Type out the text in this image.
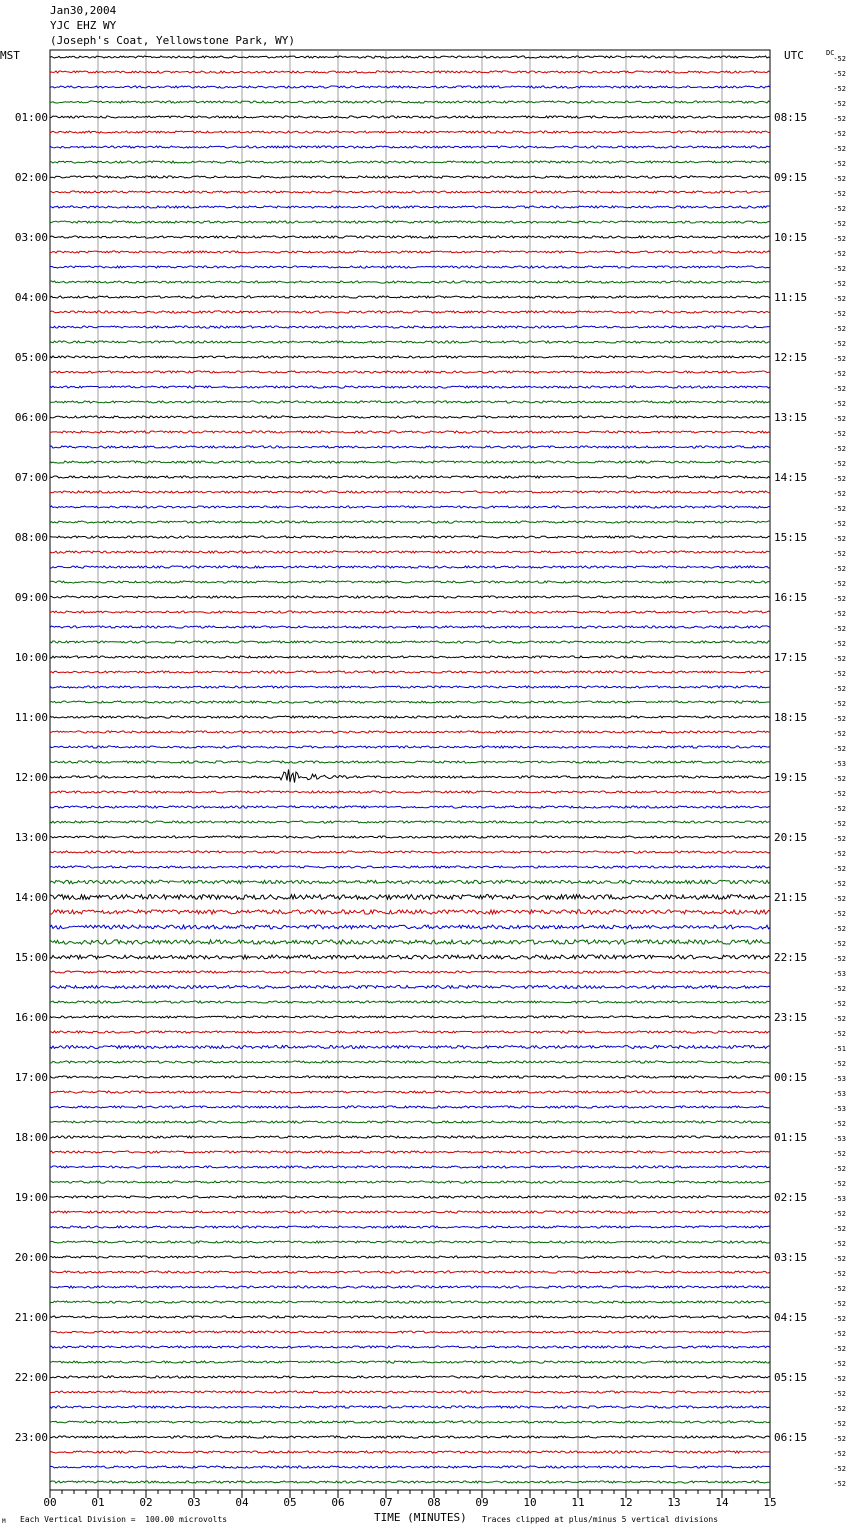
Jan30,2004
YJC EHZ WY
(Joseph's Coat, Yellowstone Park, WY)
MST	UTC	DC
00	01	02	03	04	05	06	07	08	09	10	11	12	13	14	15
-52
-52
-52
-52
-52
01:00	08:15
-52
-52
-52
-52
02:00	09:15
-52
-52
-52
-52
03:00	10:15
-52
-52
-52
-52
04:00	11:15
-52
-52
-52
-52
05:00	12:15
-52
-52
-52
-52
06:00	13:15
-52
-52
-52
-52
07:00	14:15
-52
-52
-52
-52
08:00	15:15
-52
-52
-52
-52
09:00	16:15
-52
-52
-52
-52
10:00	17:15
-52
-52
-52
-52
11:00	18:15
-52
-52
-53
-52
12:00	19:15
-52
-52
-52
-52
13:00	20:15
-52
-52
-52
-52
14:00	21:15
-52
-52
-52
-52
15:00	22:15
-53
-52
-52
-52
16:00	23:15
-52
-51
-52
-53
17:00	00:15
-53
-53
-52
-53
18:00	01:15
-52
-52
-52
-53
19:00	02:15
-52
-52
-52
-52
20:00	03:15
-52
-52
-52
-52
21:00	04:15
-52
-52
-52
-52
22:00	05:15
-52
-52
-52
-52
23:00	06:15
-52
-52
-52
M Each Vertical Division =  100.00 microvolts	TIME (MINUTES) Traces clipped at plus/minus 5 vertical divisions
